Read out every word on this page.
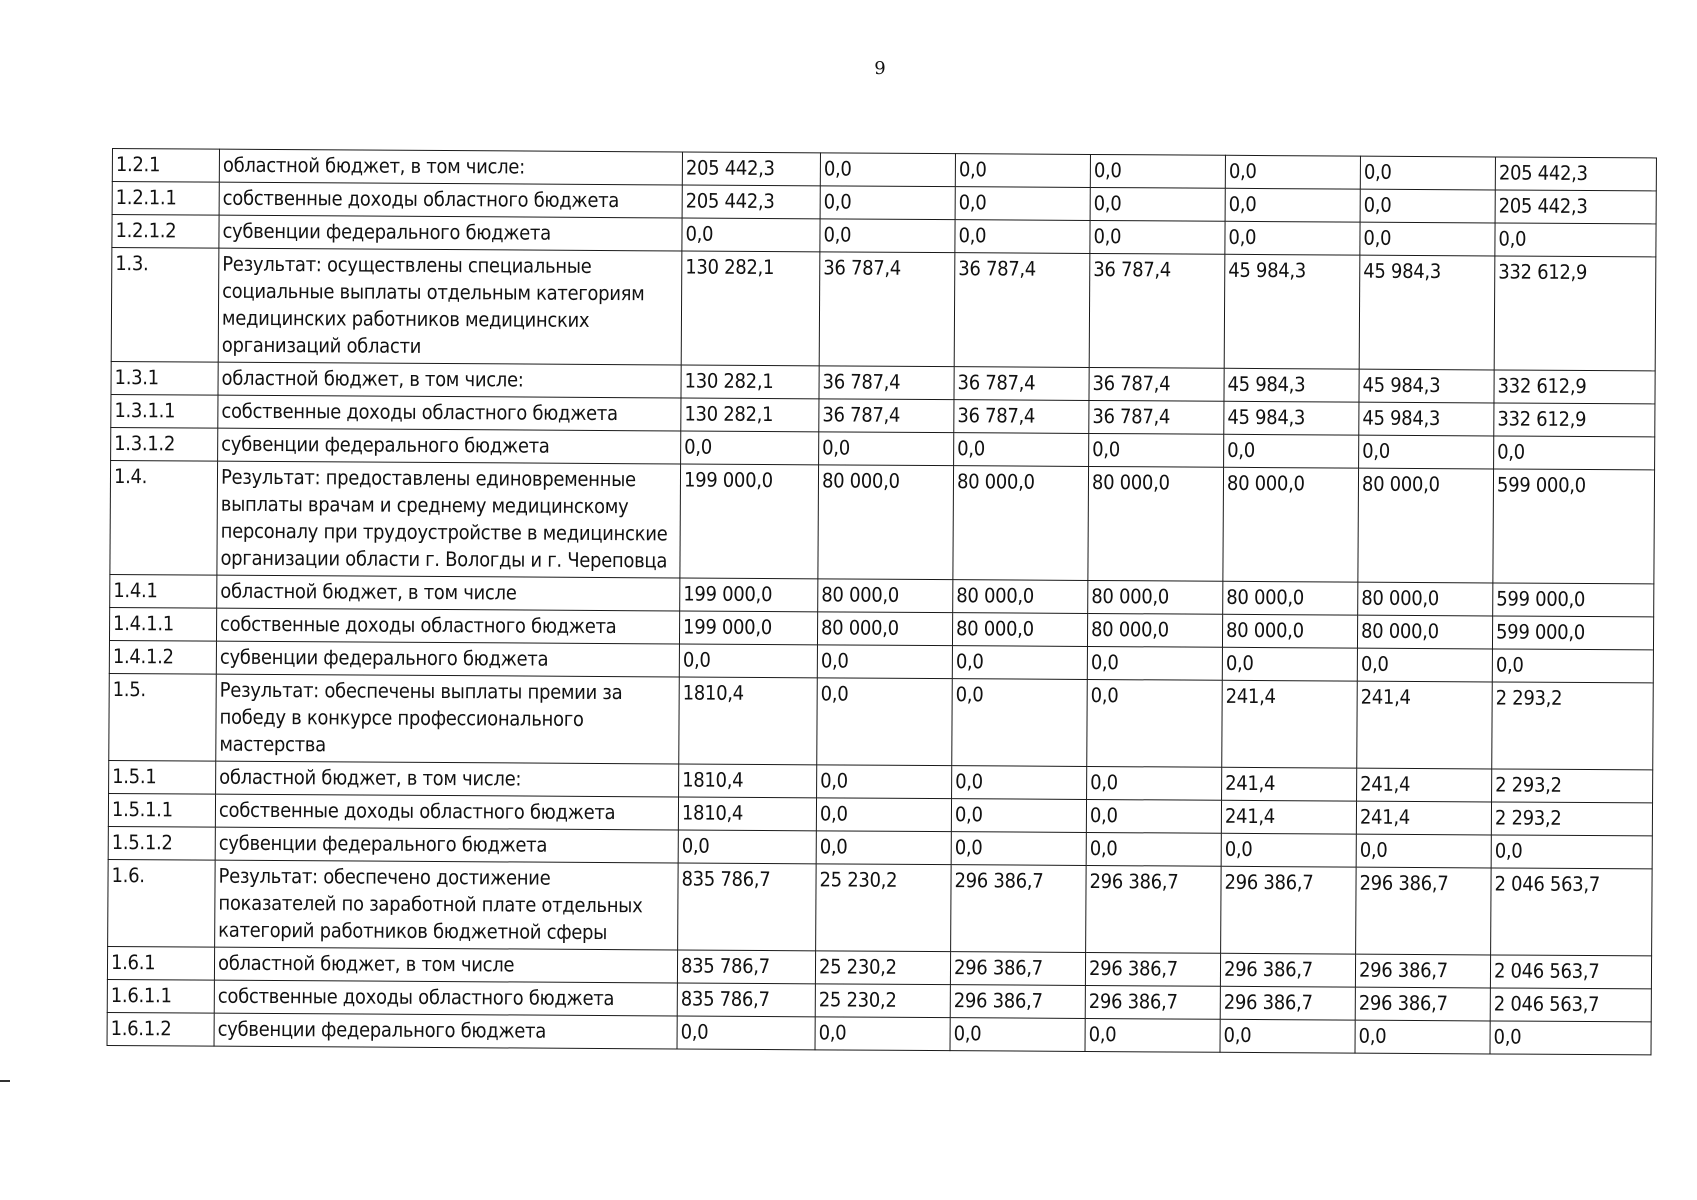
9
1.2.1	областной бюджет, в том числе:	205 442,3	0,0	0,0	0,0	0,0	0,0	205 442,3
1.2.1.1	собственные доходы областного бюджета	205 442,3	0,0	0,0	0,0	0,0	0,0	205 442,3
1.2.1.2	субвенции федерального бюджета	0,0	0,0	0,0	0,0	0,0	0,0	0,0
1.3.	Результат: осуществлены специальные социальные выплаты отдельным категориям медицинских работников медицинских организаций области	130 282,1	36 787,4	36 787,4	36 787,4	45 984,3	45 984,3	332 612,9
1.3.1	областной бюджет, в том числе:	130 282,1	36 787,4	36 787,4	36 787,4	45 984,3	45 984,3	332 612,9
1.3.1.1	собственные доходы областного бюджета	130 282,1	36 787,4	36 787,4	36 787,4	45 984,3	45 984,3	332 612,9
1.3.1.2	субвенции федерального бюджета	0,0	0,0	0,0	0,0	0,0	0,0	0,0
1.4.	Результат: предоставлены единовременные выплаты врачам и среднему медицинскому персоналу при трудоустройстве в медицинские организации области г. Вологды и г. Череповца	199 000,0	80 000,0	80 000,0	80 000,0	80 000,0	80 000,0	599 000,0
1.4.1	областной бюджет, в том числе	199 000,0	80 000,0	80 000,0	80 000,0	80 000,0	80 000,0	599 000,0
1.4.1.1	собственные доходы областного бюджета	199 000,0	80 000,0	80 000,0	80 000,0	80 000,0	80 000,0	599 000,0
1.4.1.2	субвенции федерального бюджета	0,0	0,0	0,0	0,0	0,0	0,0	0,0
1.5.	Результат: обеспечены выплаты премии за победу в конкурсе профессионального мастерства	1810,4	0,0	0,0	0,0	241,4	241,4	2 293,2
1.5.1	областной бюджет, в том числе:	1810,4	0,0	0,0	0,0	241,4	241,4	2 293,2
1.5.1.1	собственные доходы областного бюджета	1810,4	0,0	0,0	0,0	241,4	241,4	2 293,2
1.5.1.2	субвенции федерального бюджета	0,0	0,0	0,0	0,0	0,0	0,0	0,0
1.6.	Результат: обеспечено достижение показателей по заработной плате отдельных категорий работников бюджетной сферы	835 786,7	25 230,2	296 386,7	296 386,7	296 386,7	296 386,7	2 046 563,7
1.6.1	областной бюджет, в том числе	835 786,7	25 230,2	296 386,7	296 386,7	296 386,7	296 386,7	2 046 563,7
1.6.1.1	собственные доходы областного бюджета	835 786,7	25 230,2	296 386,7	296 386,7	296 386,7	296 386,7	2 046 563,7
1.6.1.2	субвенции федерального бюджета	0,0	0,0	0,0	0,0	0,0	0,0	0,0
